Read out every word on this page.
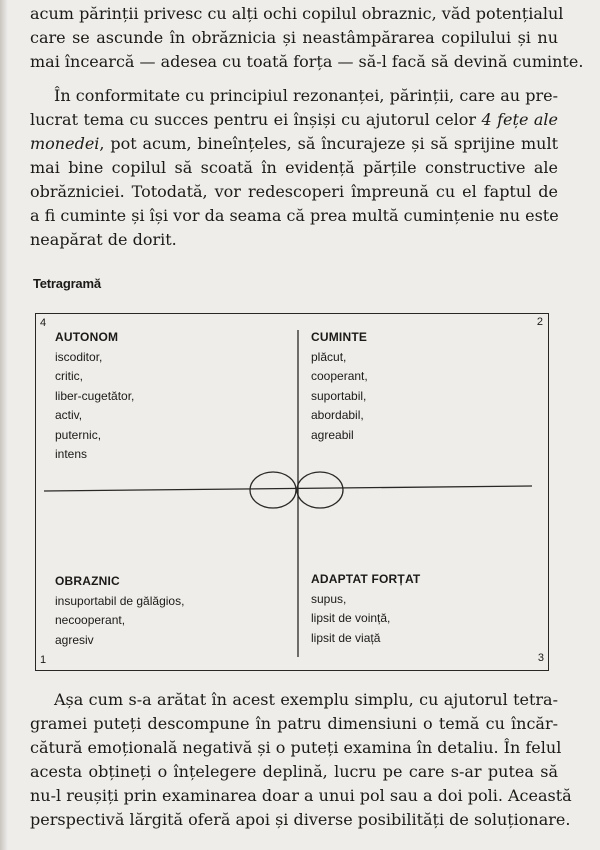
acum părinții privesc cu alți ochi copilul obraznic, văd potențialul
care se ascunde în obrăznicia și neastâmpărarea copilului și nu
mai încearcă — adesea cu toată forța — să-l facă să devină cuminte.
În conformitate cu principiul rezonanței, părinții, care au pre-
lucrat tema cu succes pentru ei înșiși cu ajutorul celor 4 fețe ale
monedei, pot acum, bineînțeles, să încurajeze și să sprijine mult
mai bine copilul să scoată în evidență părțile constructive ale
obrăzniciei. Totodată, vor redescoperi împreună cu el faptul de
a fi cuminte și își vor da seama că prea multă cumințenie nu este
neapărat de dorit.
Tetragramă
4	2
1	3
AUTONOM
iscoditor,
critic,
liber-cugetător,
activ,
puternic,
intens
CUMINTE
plăcut,
cooperant,
suportabil,
abordabil,
agreabil
OBRAZNIC
insuportabil de gălăgios,
necooperant,
agresiv
ADAPTAT FORȚAT
supus,
lipsit de voință,
lipsit de viață
Așa cum s-a arătat în acest exemplu simplu, cu ajutorul tetra-
gramei puteți descompune în patru dimensiuni o temă cu încăr-
cătură emoțională negativă și o puteți examina în detaliu. În felul
acesta obțineți o înțelegere deplină, lucru pe care s-ar putea să
nu-l reușiți prin examinarea doar a unui pol sau a doi poli. Această
perspectivă lărgită oferă apoi și diverse posibilități de soluționare.
